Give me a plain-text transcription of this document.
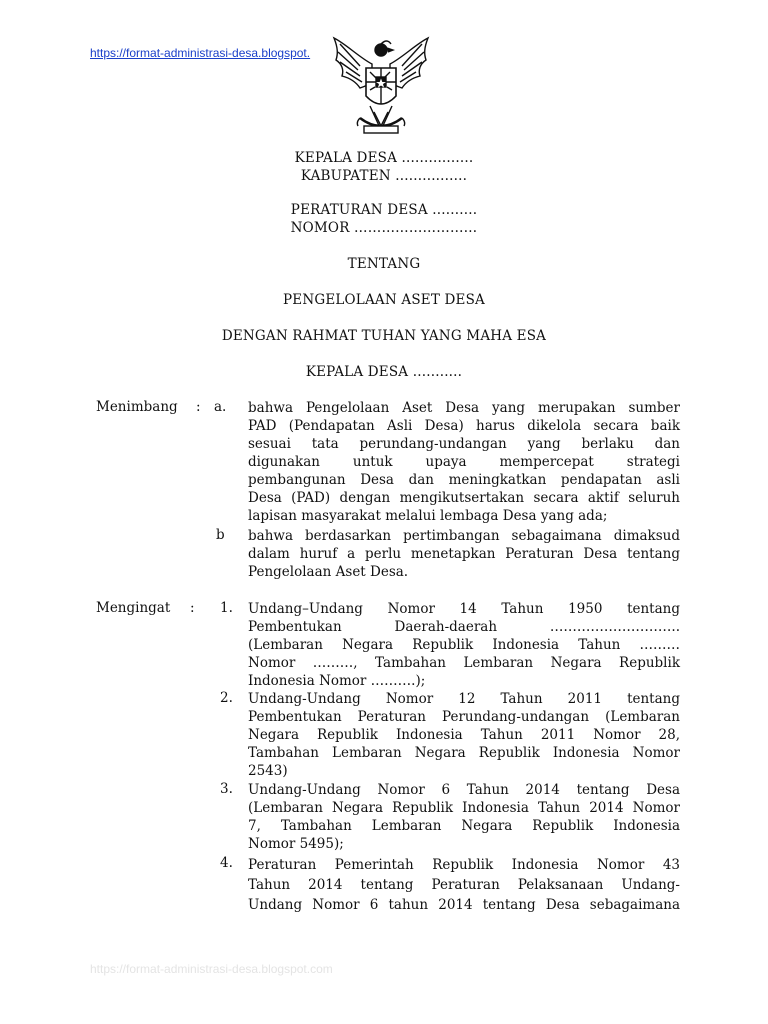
https://format-administrasi-desa.blogspot.
KEPALA DESA ................
KABUPATEN ................
PERATURAN DESA ..........
NOMOR ………………………
TENTANG
PENGELOLAAN ASET DESA
DENGAN RAHMAT TUHAN YANG MAHA ESA
KEPALA DESA ...........
Menimbang : a. bahwa Pengelolaan Aset Desa yang merupakan sumber
PAD (Pendapatan Asli Desa) harus dikelola secara baik
sesuai tata perundang-undangan yang berlaku dan
digunakan untuk upaya mempercepat strategi
pembangunan Desa dan meningkatkan pendapatan asli
Desa (PAD) dengan mengikutsertakan secara aktif seluruh
lapisan masyarakat melalui lembaga Desa yang ada;
b bahwa berdasarkan pertimbangan sebagaimana dimaksud
dalam huruf a perlu menetapkan Peraturan Desa tentang
Pengelolaan Aset Desa.
Mengingat : 1. Undang–Undang Nomor 14 Tahun 1950 tentang
Pembentukan Daerah-daerah ………………………..
(Lembaran Negara Republik Indonesia Tahun ………
Nomor ………, Tambahan Lembaran Negara Republik
Indonesia Nomor ……….);
2. Undang-Undang Nomor 12 Tahun 2011 tentang
Pembentukan Peraturan Perundang-undangan (Lembaran
Negara Republik Indonesia Tahun 2011 Nomor 28,
Tambahan Lembaran Negara Republik Indonesia Nomor
2543)
3. Undang-Undang Nomor 6 Tahun 2014 tentang Desa
(Lembaran Negara Republik Indonesia Tahun 2014 Nomor
7, Tambahan Lembaran Negara Republik Indonesia
Nomor 5495);
4. Peraturan Pemerintah Republik Indonesia Nomor 43
Tahun 2014 tentang Peraturan Pelaksanaan Undang-
Undang Nomor 6 tahun 2014 tentang Desa sebagaimana
https://format-administrasi-desa.blogspot.com
